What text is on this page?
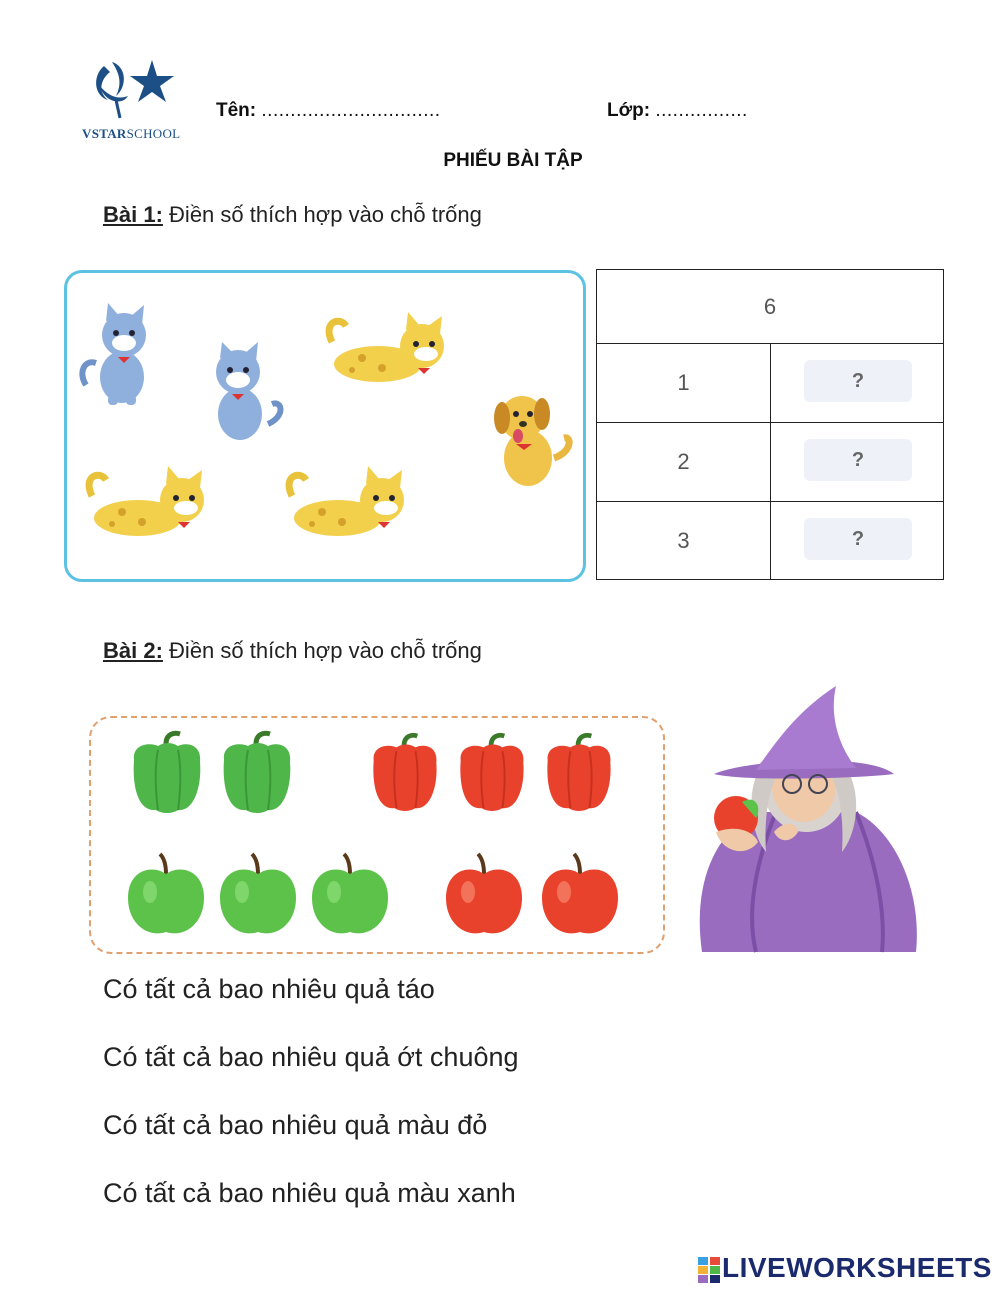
VSTARSCHOOL
Tên: ...............................	Lớp: ................
PHIẾU BÀI TẬP
Bài 1: Điền số thích hợp vào chỗ trống
6
1	?
2	?
3	?
Bài 2: Điền số thích hợp vào chỗ trống
Có tất cả bao nhiêu quả táo
Có tất cả bao nhiêu quả ớt chuông
Có tất cả bao nhiêu quả màu đỏ
Có tất cả bao nhiêu quả màu xanh
LIVEWORKSHEETS
